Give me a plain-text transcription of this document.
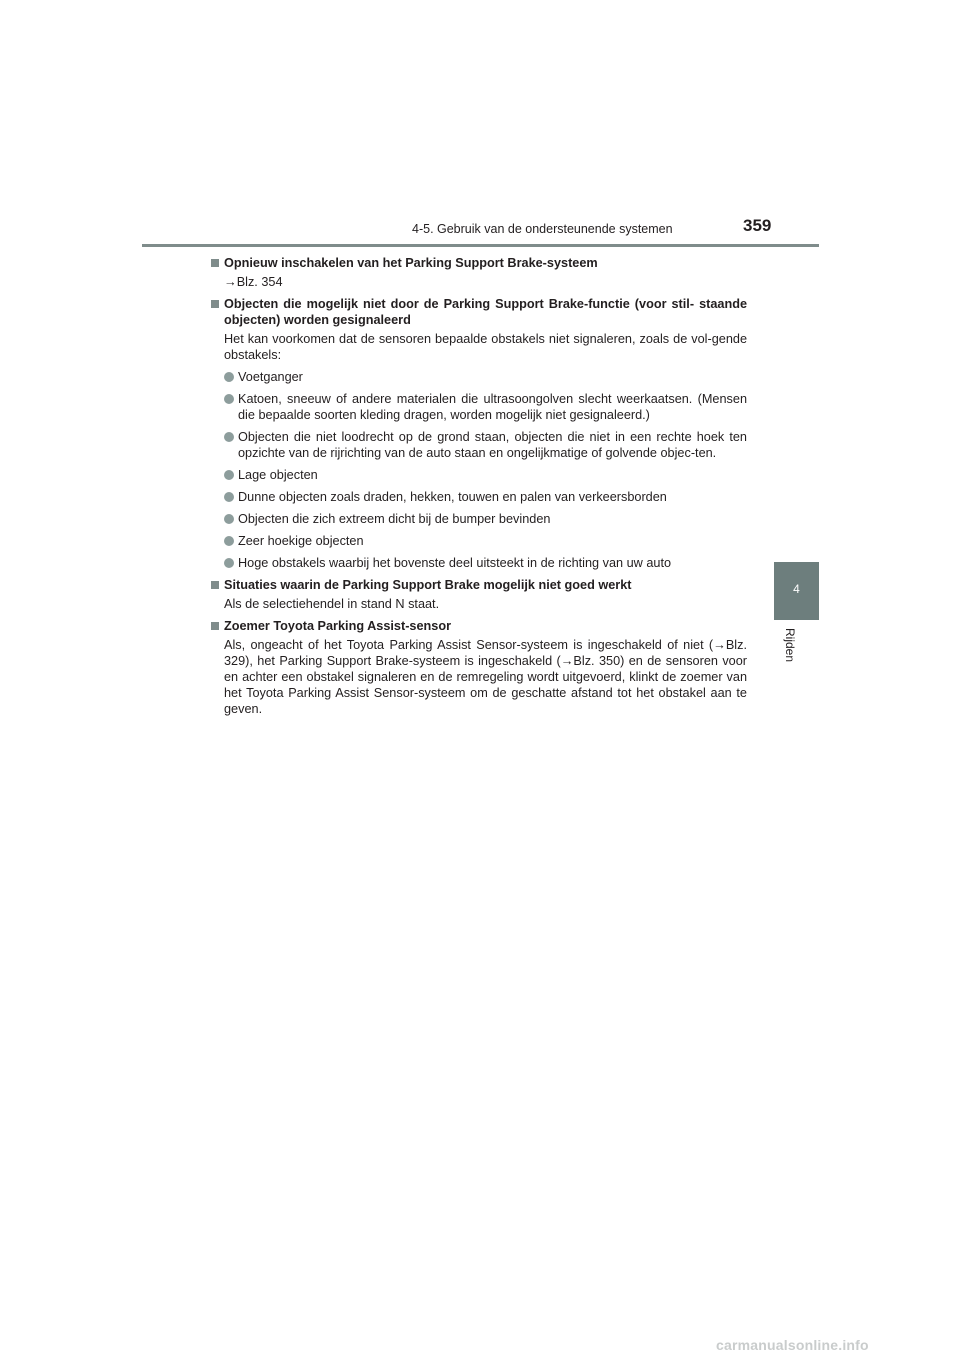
4-5. Gebruik van de ondersteunende systemen	359
4
Rijden

Opnieuw inschakelen van het Parking Support Brake-systeem

→Blz. 354

Objecten die mogelijk niet door de Parking Support Brake-functie (voor stil- staande objecten) worden gesignaleerd

Het kan voorkomen dat de sensoren bepaalde obstakels niet signaleren, zoals de vol-gende obstakels:

Voetganger

Katoen, sneeuw of andere materialen die ultrasoongolven slecht weerkaatsen. (Mensen die bepaalde soorten kleding dragen, worden mogelijk niet gesignaleerd.)

Objecten die niet loodrecht op de grond staan, objecten die niet in een rechte hoek ten opzichte van de rijrichting van de auto staan en ongelijkmatige of golvende objec-ten.

Lage objecten

Dunne objecten zoals draden, hekken, touwen en palen van verkeersborden

Objecten die zich extreem dicht bij de bumper bevinden

Zeer hoekige objecten

Hoge obstakels waarbij het bovenste deel uitsteekt in de richting van uw auto

Situaties waarin de Parking Support Brake mogelijk niet goed werkt

Als de selectiehendel in stand N staat.

Zoemer Toyota Parking Assist-sensor

Als, ongeacht of het Toyota Parking Assist Sensor-systeem is ingeschakeld of niet (→Blz. 329), het Parking Support Brake-systeem is ingeschakeld (→Blz. 350) en de sensoren voor en achter een obstakel signaleren en de remregeling wordt uitgevoerd, klinkt de zoemer van het Toyota Parking Assist Sensor-systeem om de geschatte afstand tot het obstakel aan te geven.

carmanualsonline.info
